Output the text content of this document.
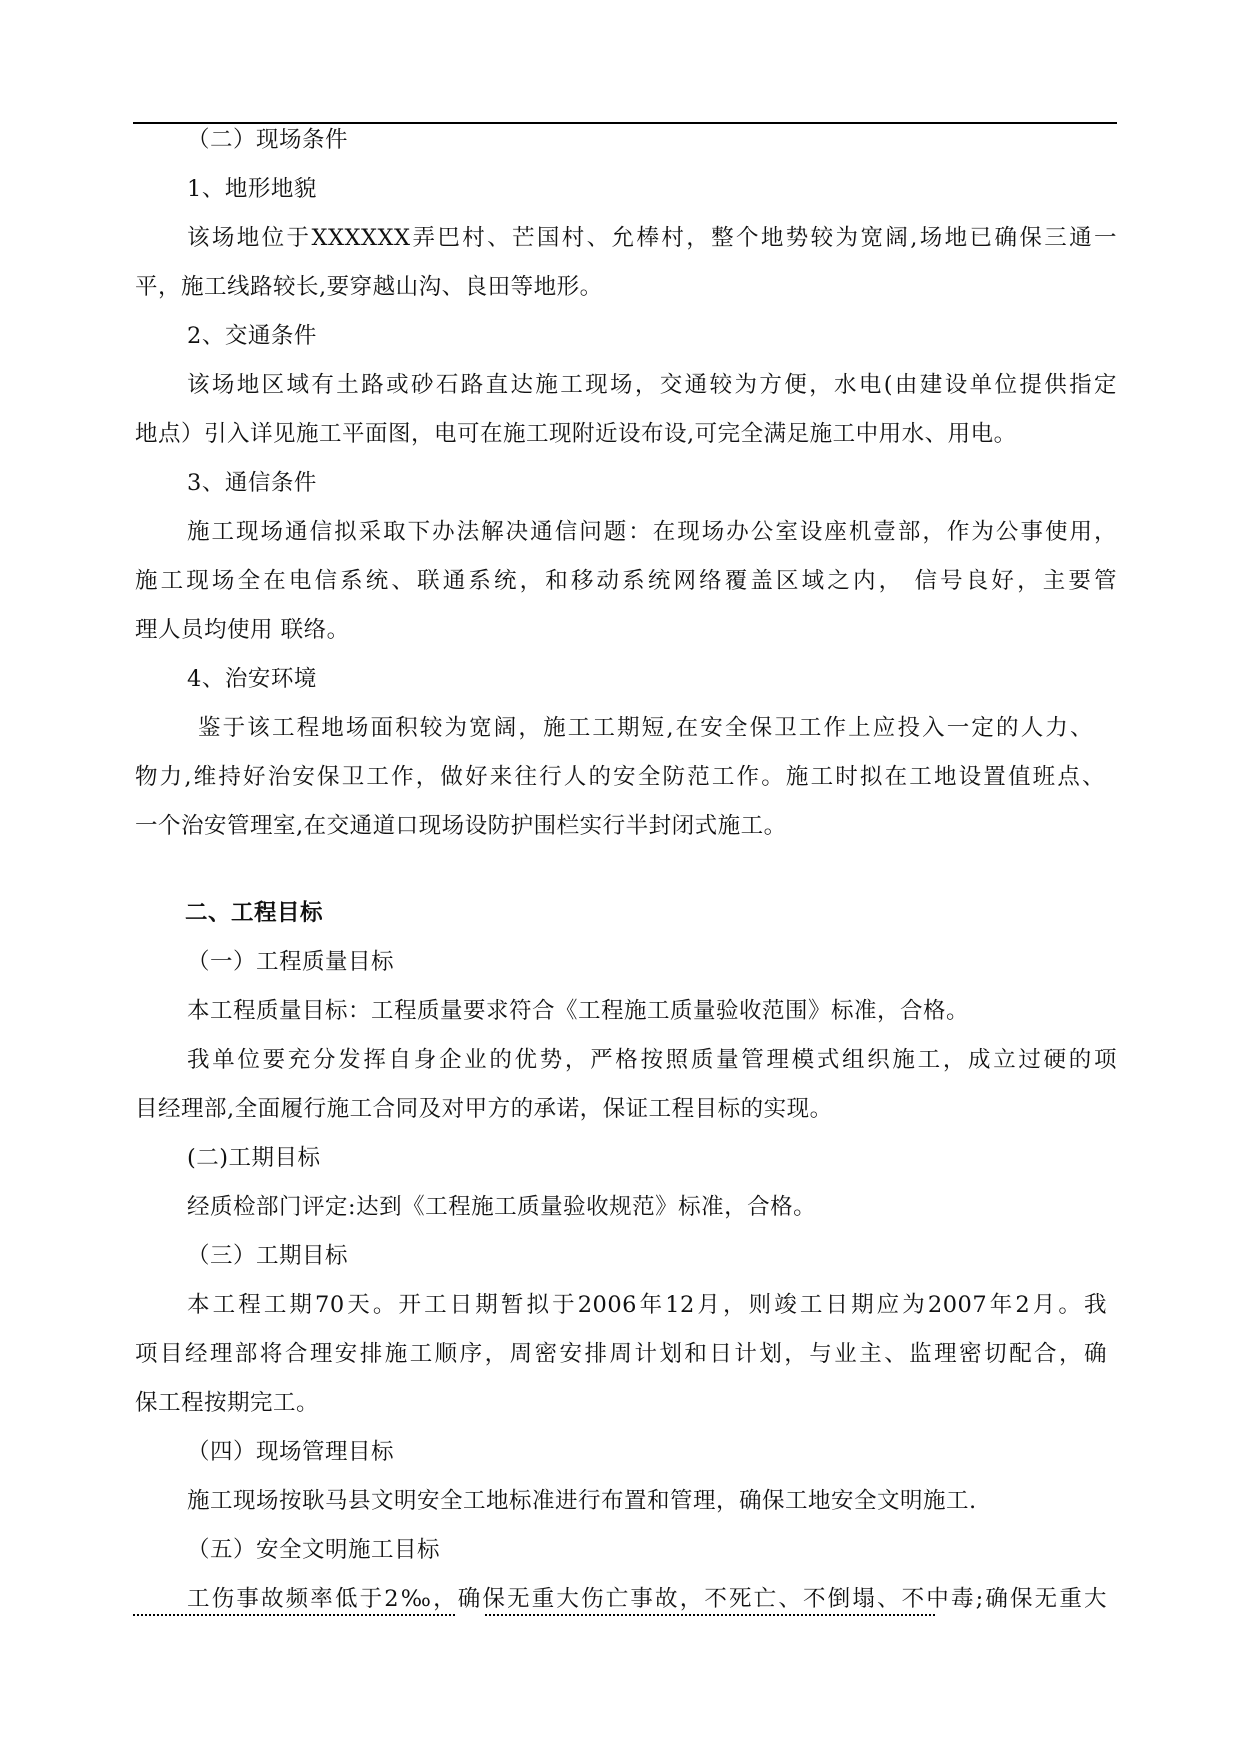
（二）现场条件
1、地形地貌
该场地位于XXXXXX弄巴村、芒国村、允棒村，整个地势较为宽阔,场地已确保三通一
平，施工线路较长,要穿越山沟、良田等地形。
2、交通条件
该场地区域有土路或砂石路直达施工现场，交通较为方便，水电(由建设单位提供指定
地点）引入详见施工平面图，电可在施工现附近设布设,可完全满足施工中用水、用电。
3、通信条件
施工现场通信拟采取下办法解决通信问题：在现场办公室设座机壹部，作为公事使用，
施工现场全在电信系统、联通系统，和移动系统网络覆盖区域之内， 信号良好，主要管
理人员均使用 联络。
4、治安环境
鉴于该工程地场面积较为宽阔，施工工期短,在安全保卫工作上应投入一定的人力、
物力,维持好治安保卫工作，做好来往行人的安全防范工作。施工时拟在工地设置值班点、
一个治安管理室,在交通道口现场设防护围栏实行半封闭式施工。
二、工程目标
（一）工程质量目标
本工程质量目标：工程质量要求符合《工程施工质量验收范围》标准，合格。
我单位要充分发挥自身企业的优势，严格按照质量管理模式组织施工，成立过硬的项
目经理部,全面履行施工合同及对甲方的承诺，保证工程目标的实现。
(二)工期目标
经质检部门评定:达到《工程施工质量验收规范》标准，合格。
（三）工期目标
本工程工期70天。开工日期暂拟于2006年12月，则竣工日期应为2007年2月。我
项目经理部将合理安排施工顺序，周密安排周计划和日计划，与业主、监理密切配合，确
保工程按期完工。
（四）现场管理目标
施工现场按耿马县文明安全工地标准进行布置和管理，确保工地安全文明施工.
（五）安全文明施工目标
工伤事故频率低于2‰，确保无重大伤亡事故，不死亡、不倒塌、不中毒;确保无重大
